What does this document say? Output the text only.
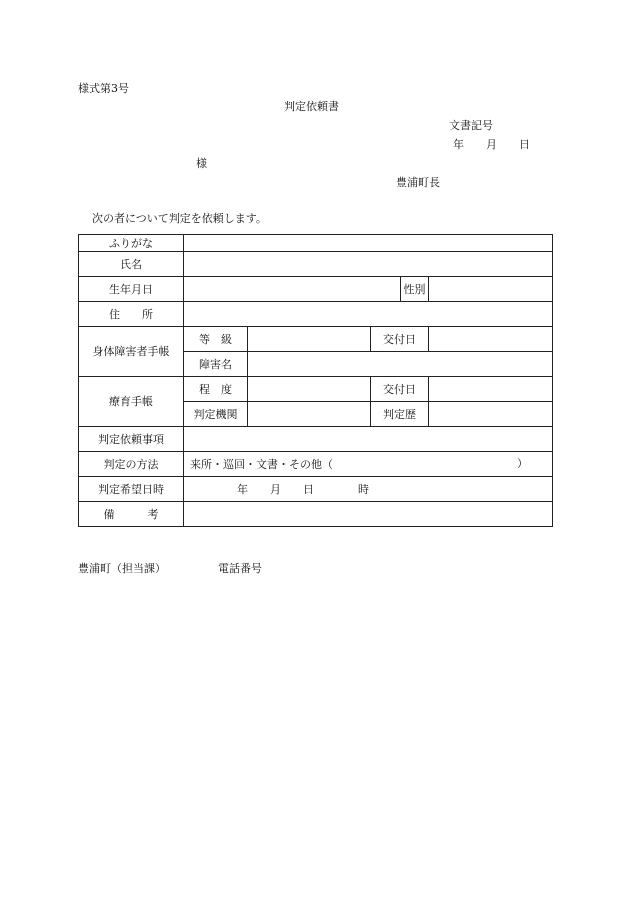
様式第3号
判定依頼書
文書記号
年　　月　　日
様
豊浦町長
次の者について判定を依頼します。
ふりがな					
氏名					
生年月日				性別	
住　　所					
身体障害者手帳	等　級		交付日		
	障害名				
療育手帳	程　度		交付日		
	判定機関		判定歴		
判定依頼事項					
判定の方法	来所・巡回・文書・その他（ ）				

判定希望日時	年　　月　　日　　　　時				
備　　　考					
豊浦町（担当課）	電話番号
